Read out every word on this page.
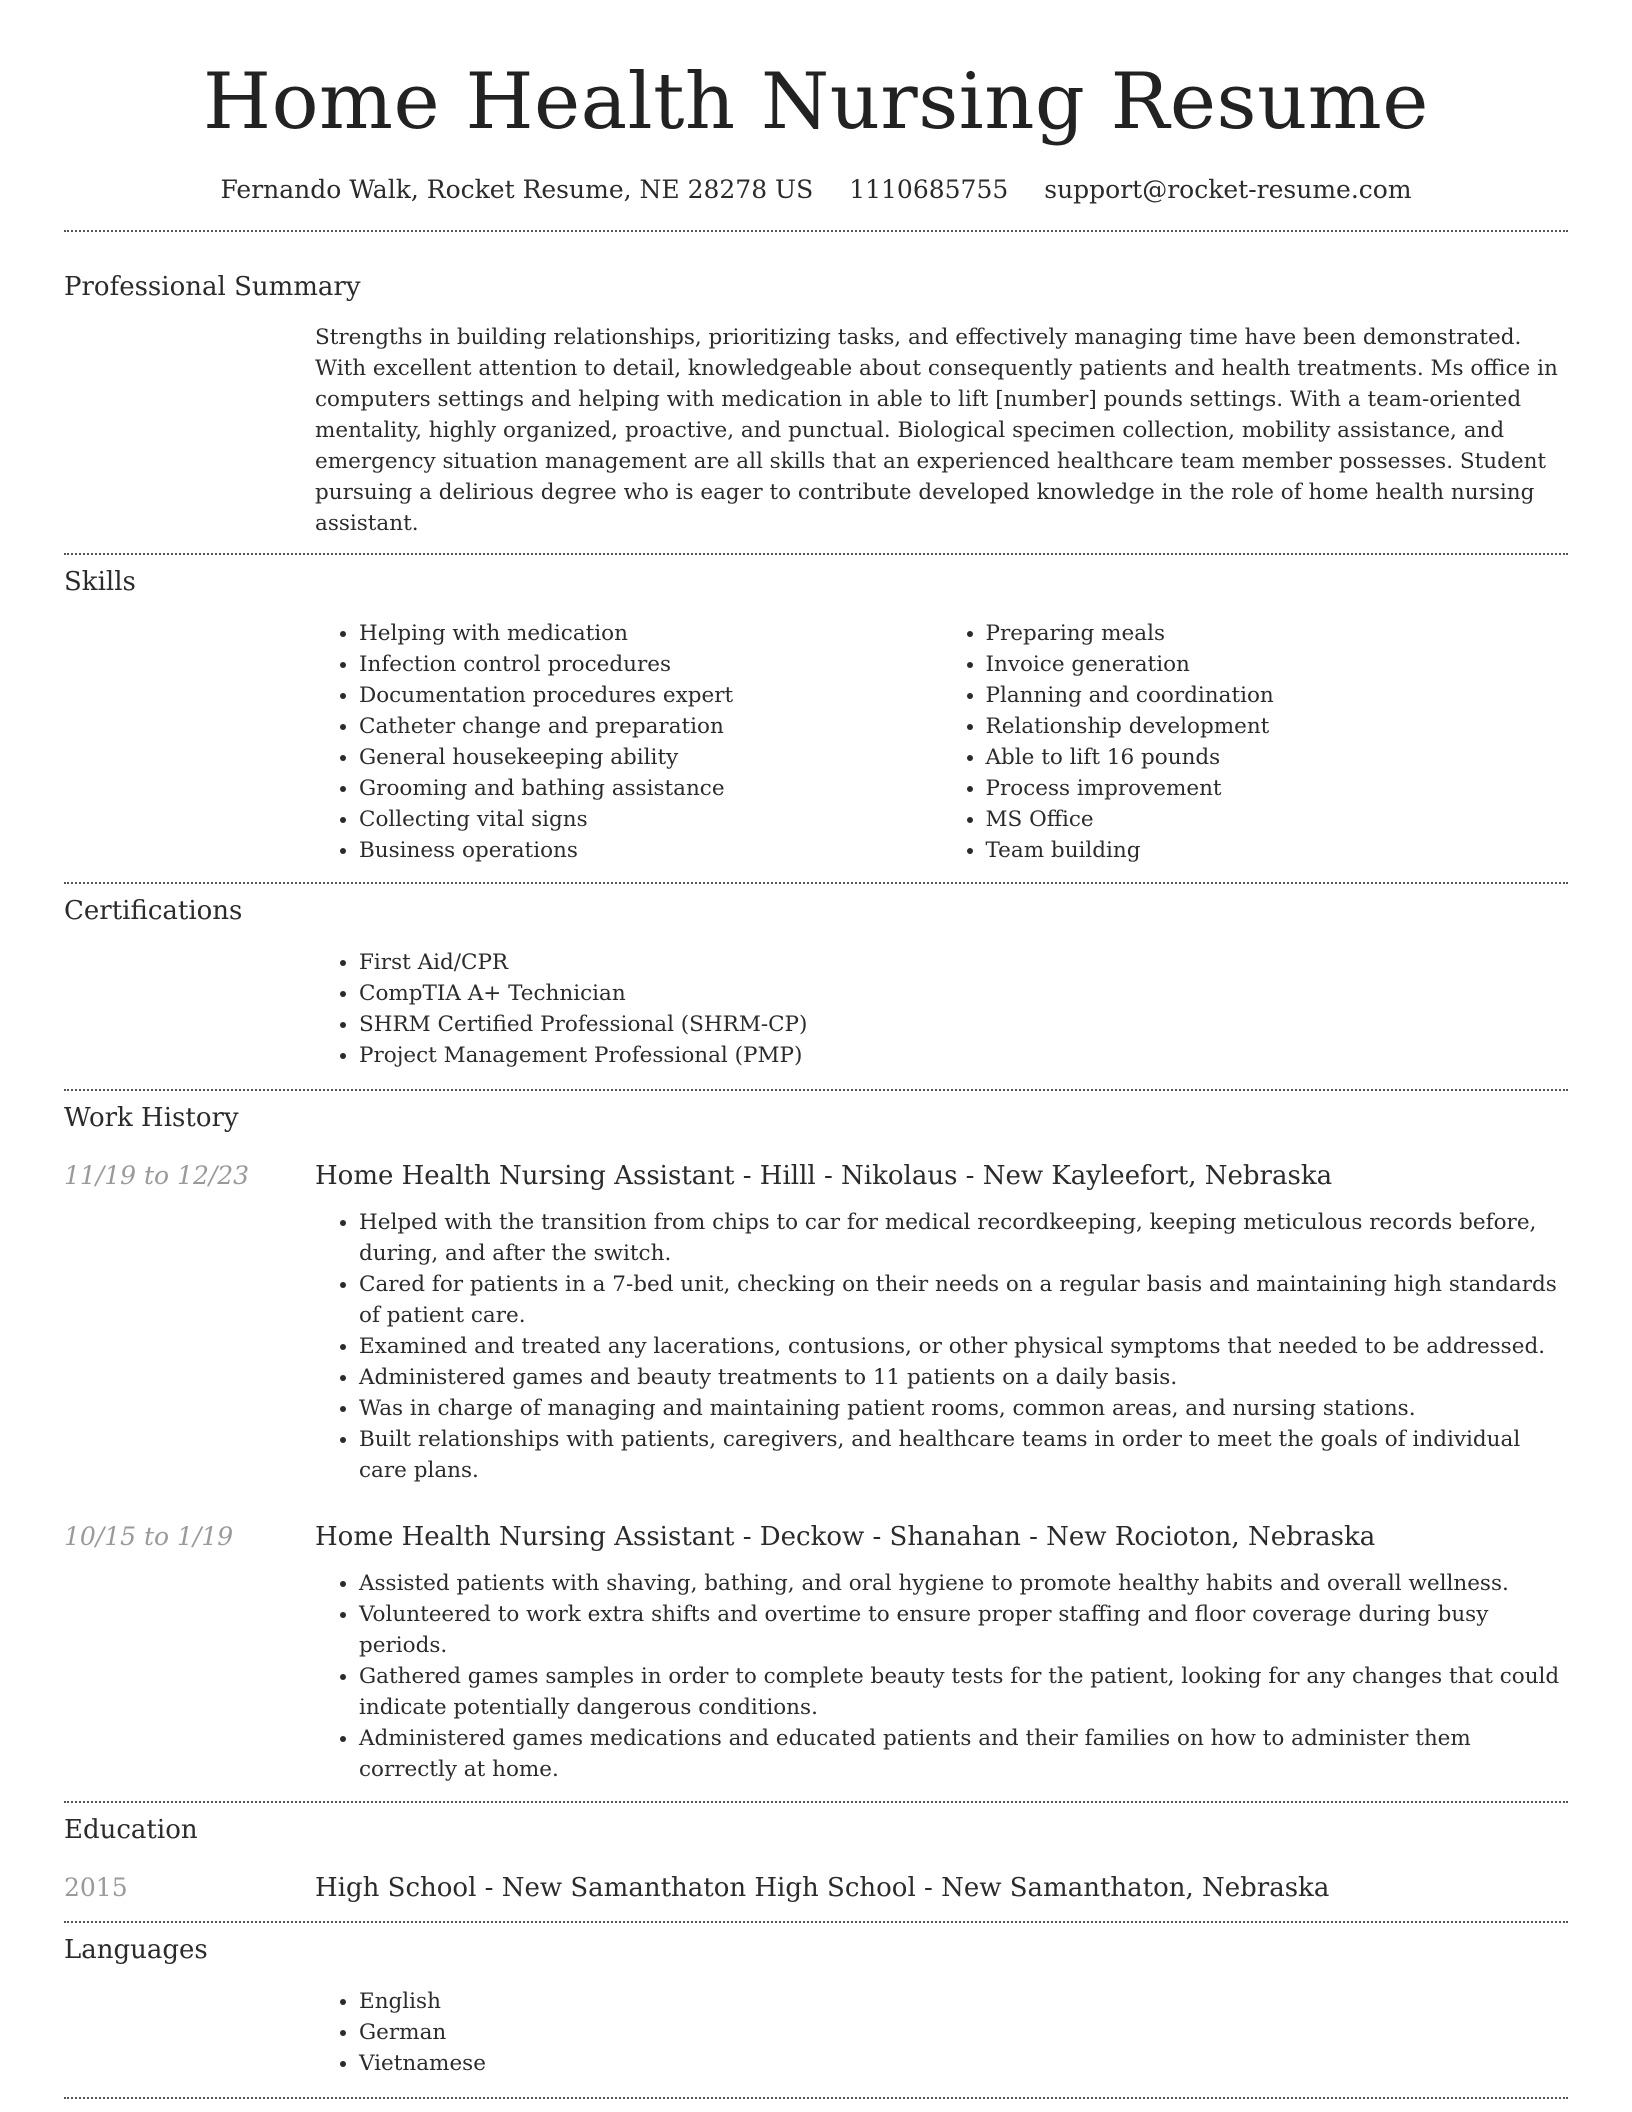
Home Health Nursing Resume
Fernando Walk, Rocket Resume, NE 28278 US 1110685755 support@rocket-resume.com
Professional Summary

Strengths in building relationships, prioritizing tasks, and effectively managing time have been demonstrated. With excellent attention to detail, knowledgeable about consequently patients and health treatments. Ms office in computers settings and helping with medication in able to lift [number] pounds settings. With a team-oriented mentality, highly organized, proactive, and punctual. Biological specimen collection, mobility assistance, and emergency situation management are all skills that an experienced healthcare team member possesses. Student pursuing a delirious degree who is eager to contribute developed knowledge in the role of home health nursing assistant.

Skills
• Helping with medication
• Infection control procedures
• Documentation procedures expert
• Catheter change and preparation
• General housekeeping ability
• Grooming and bathing assistance
• Collecting vital signs
• Business operations
• Preparing meals
• Invoice generation
• Planning and coordination
• Relationship development
• Able to lift 16 pounds
• Process improvement
• MS Office
• Team building
Certifications
• First Aid/CPR
• CompTIA A+ Technician
• SHRM Certified Professional (SHRM-CP)
• Project Management Professional (PMP)
Work History
11/19 to 12/23	Home Health Nursing Assistant - Hilll - Nikolaus - New Kayleefort, Nebraska
• Helped with the transition from chips to car for medical recordkeeping, keeping meticulous records before, during, and after the switch.
• Cared for patients in a 7-bed unit, checking on their needs on a regular basis and maintaining high standards of patient care.
• Examined and treated any lacerations, contusions, or other physical symptoms that needed to be addressed.
• Administered games and beauty treatments to 11 patients on a daily basis.
• Was in charge of managing and maintaining patient rooms, common areas, and nursing stations.
• Built relationships with patients, caregivers, and healthcare teams in order to meet the goals of individual care plans.
10/15 to 1/19	Home Health Nursing Assistant - Deckow - Shanahan - New Rocioton, Nebraska
• Assisted patients with shaving, bathing, and oral hygiene to promote healthy habits and overall wellness.
• Volunteered to work extra shifts and overtime to ensure proper staffing and floor coverage during busy periods.
• Gathered games samples in order to complete beauty tests for the patient, looking for any changes that could indicate potentially dangerous conditions.
• Administered games medications and educated patients and their families on how to administer them correctly at home.
Education
2015	High School - New Samanthaton High School - New Samanthaton, Nebraska
Languages
• English
• German
• Vietnamese
